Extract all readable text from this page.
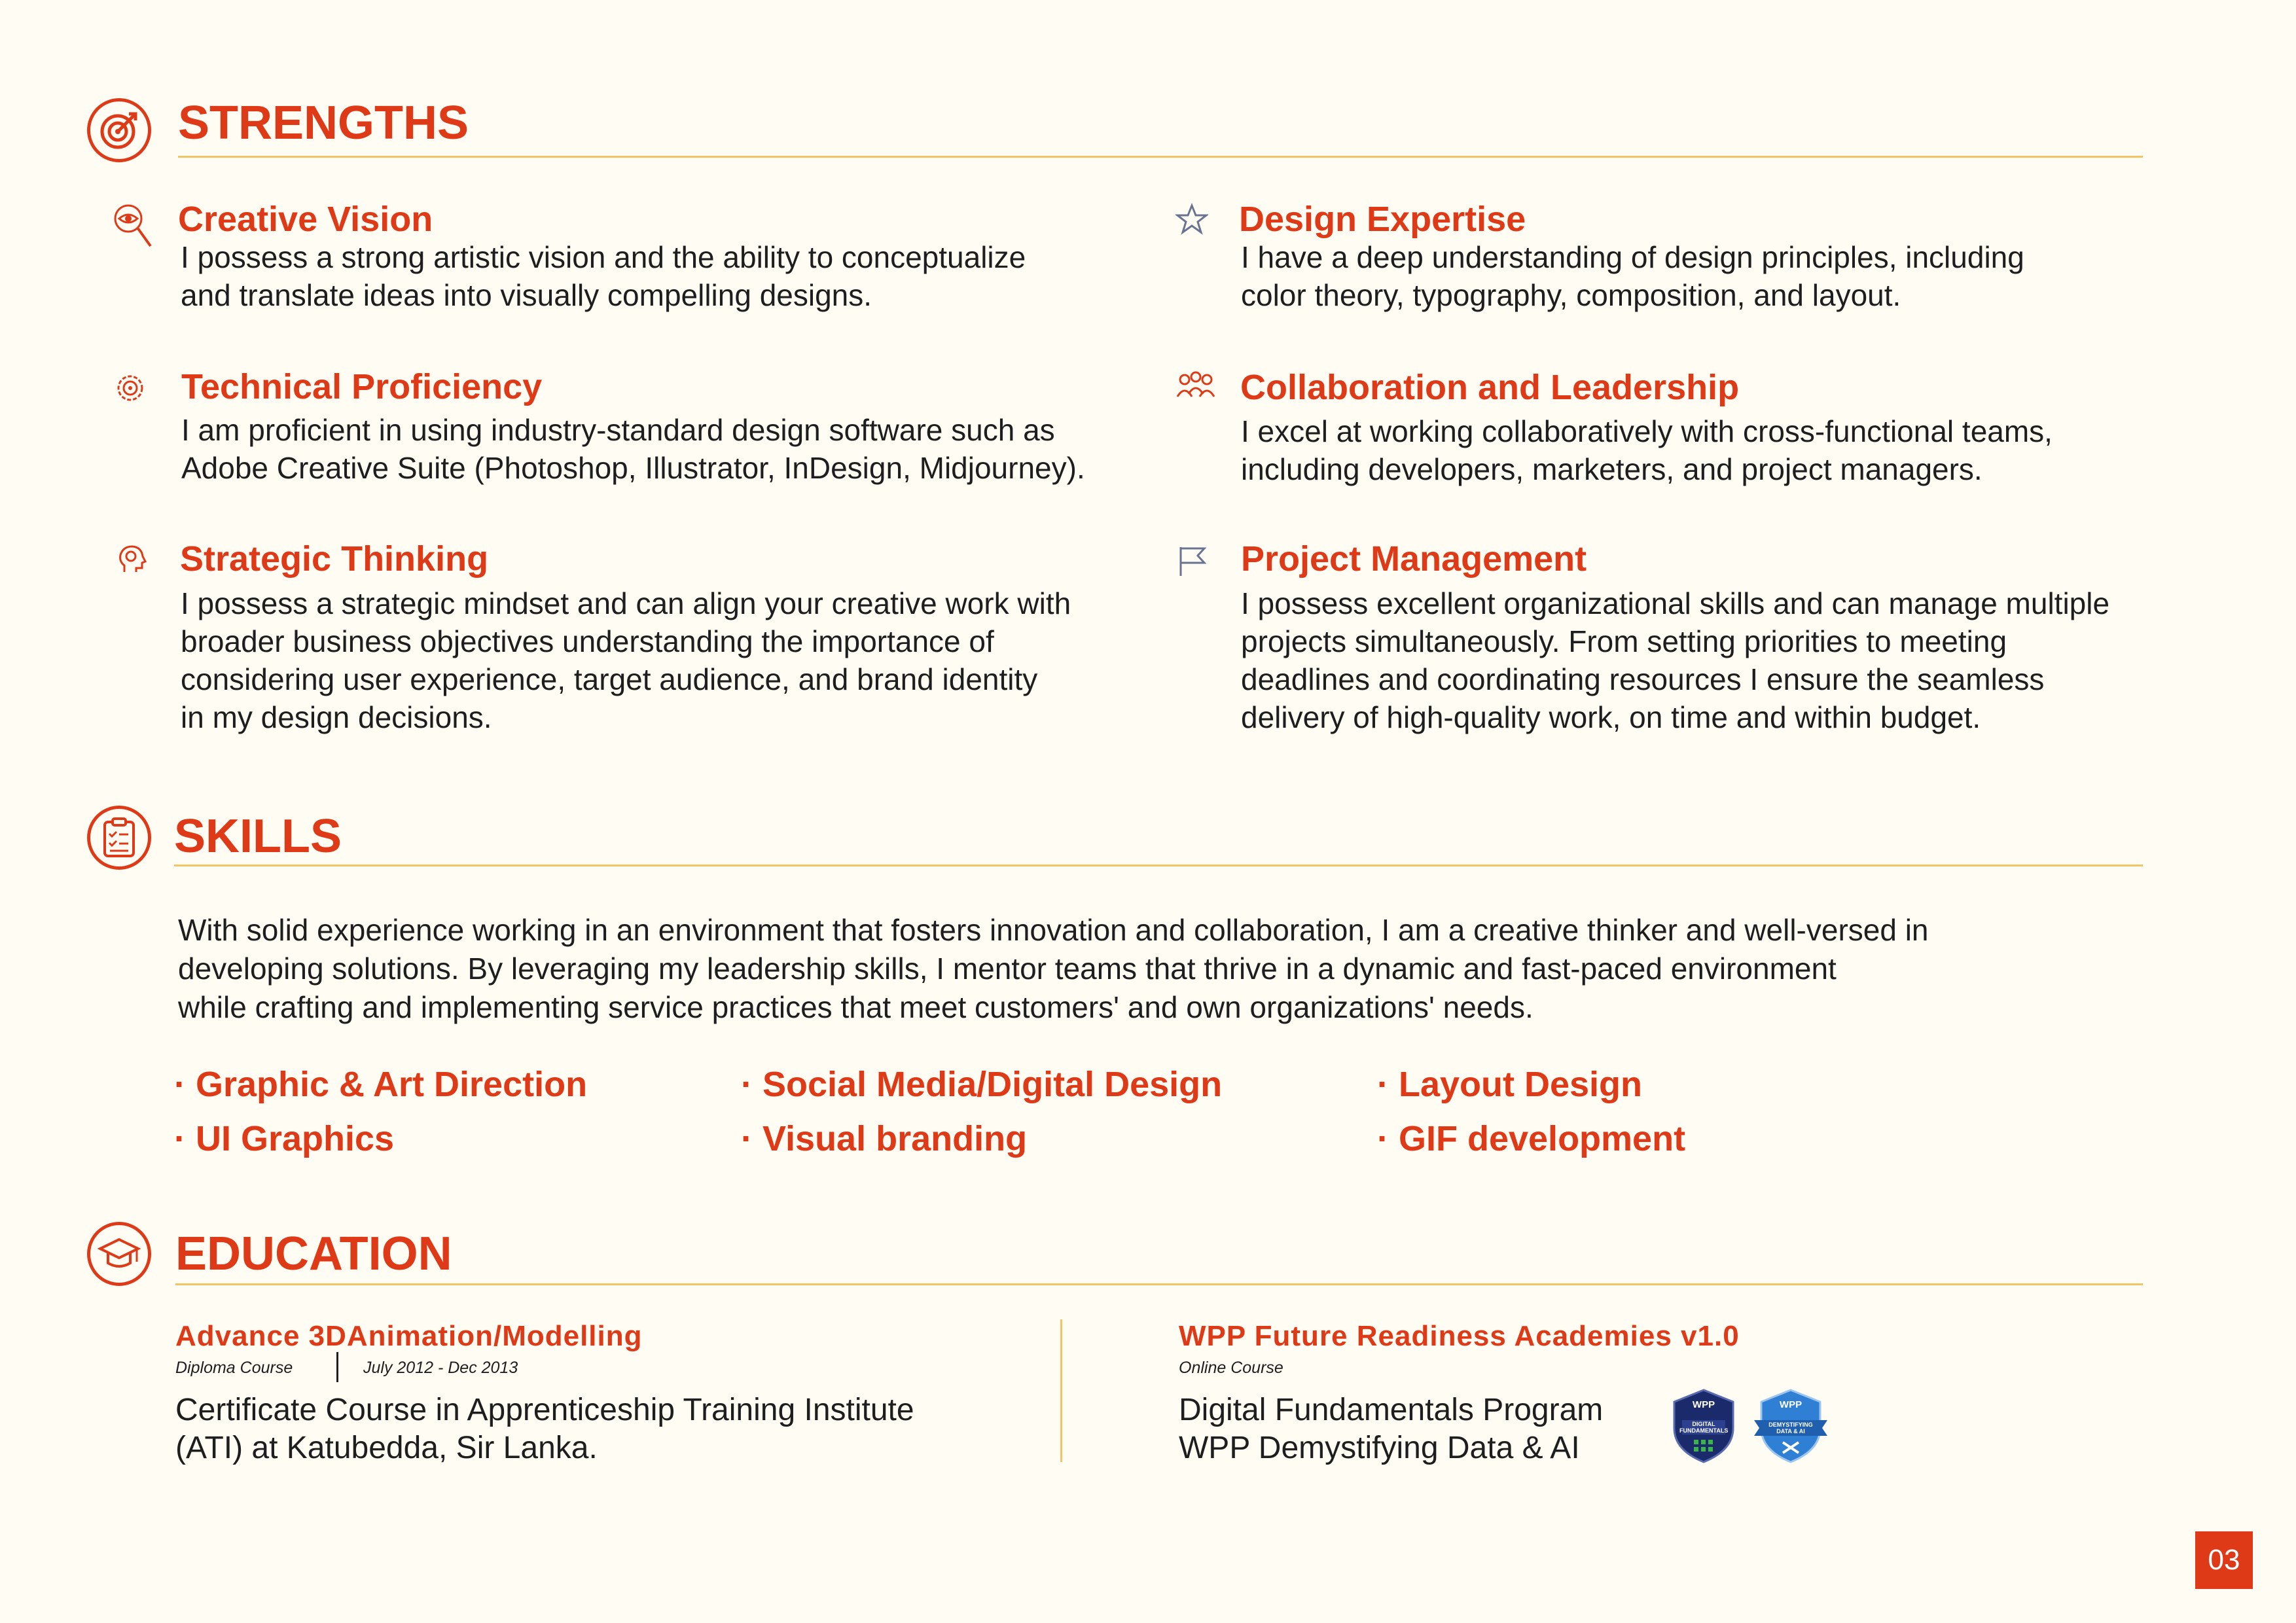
STRENGTHS
Creative Vision
I possess a strong artistic vision and the ability to conceptualize
and translate ideas into visually compelling designs.
Design Expertise
I have a deep understanding of design principles, including
color theory, typography, composition, and layout.
Technical Proficiency
I am proficient in using industry-standard design software such as
Adobe Creative Suite (Photoshop, Illustrator, InDesign, Midjourney).
Collaboration and Leadership
I excel at working collaboratively with cross-functional teams,
including developers, marketers, and project managers.
Strategic Thinking
I possess a strategic mindset and can align your creative work with
broader business objectives understanding the importance of
considering user experience, target audience, and brand identity
in my design decisions.
Project Management
I possess excellent organizational skills and can manage multiple
projects simultaneously. From setting priorities to meeting
deadlines and coordinating resources I ensure the seamless
delivery of high-quality work, on time and within budget.
SKILLS
With solid experience working in an environment that fosters innovation and collaboration, I am a creative thinker and well-versed in
developing solutions. By leveraging my leadership skills, I mentor teams that thrive in a dynamic and fast-paced environment
while crafting and implementing service practices that meet customers' and own organizations' needs.
· Graphic & Art Direction	· Social Media/Digital Design	· Layout Design
· UI Graphics	· Visual branding	· GIF development
EDUCATION
Advance 3DAnimation/Modelling
Diploma Course	July 2012 - Dec 2013
Certificate Course in Apprenticeship Training Institute
(ATI) at Katubedda, Sir Lanka.
WPP Future Readiness Academies v1.0
Online Course
Digital Fundamentals Program
WPP Demystifying Data & AI
WPP
DIGITAL FUNDAMENTALS
WPP
DEMYSTIFYING DATA & AI
03
